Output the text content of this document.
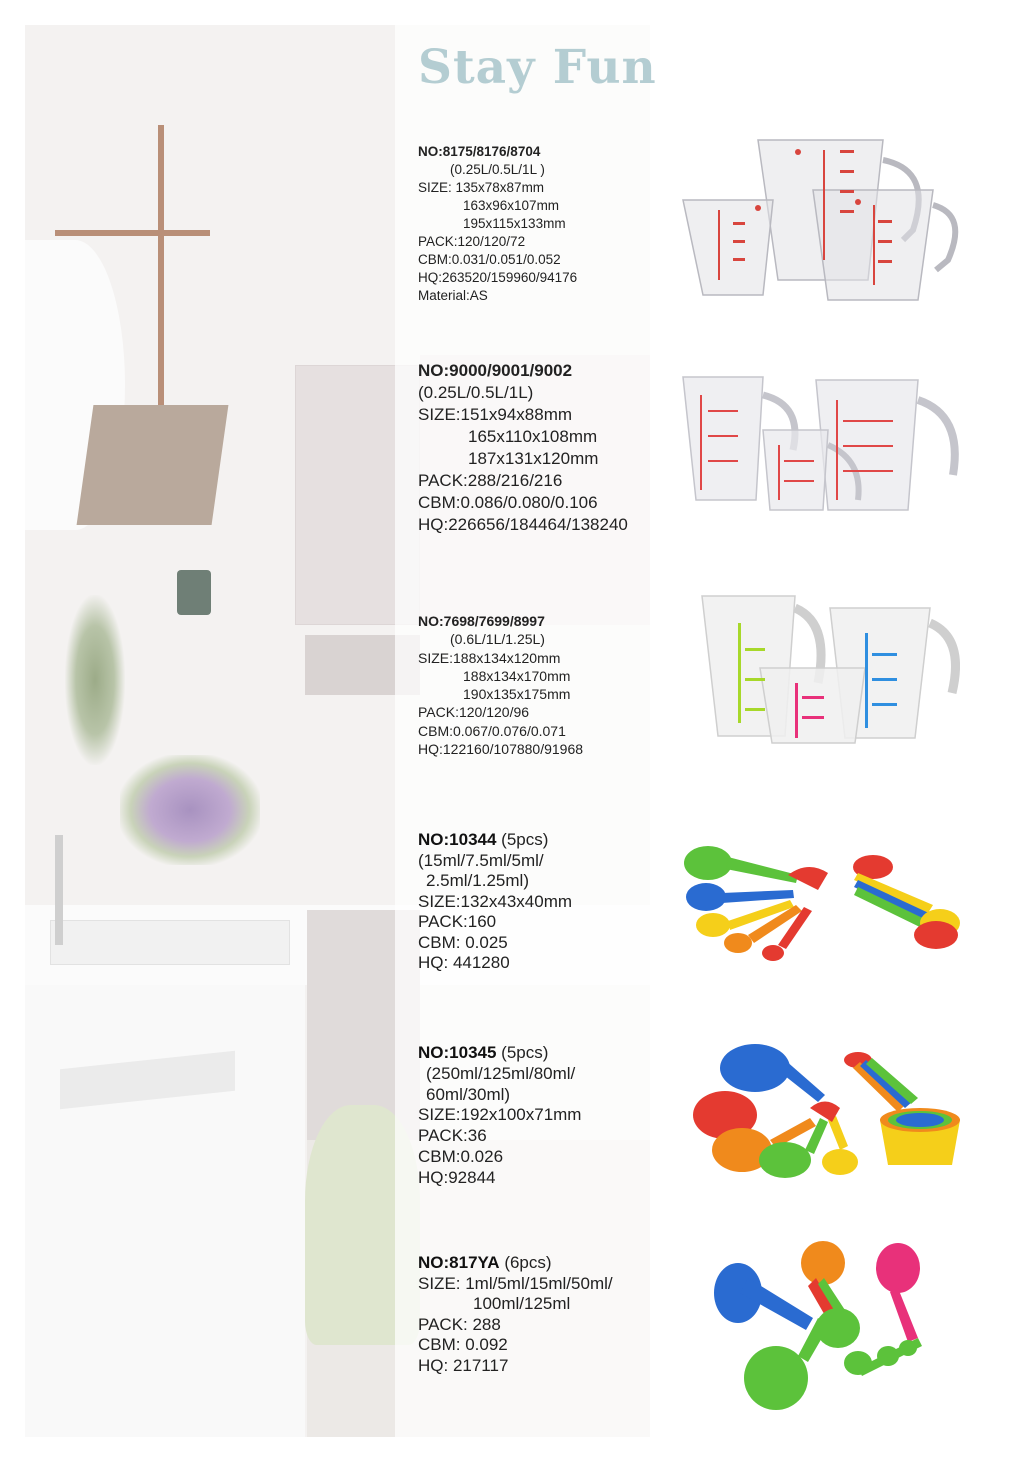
Stay Fun
NO:8175/8176/8704
(0.25L/0.5L/1L )
SIZE: 135x78x87mm
163x96x107mm
195x115x133mm
PACK:120/120/72
CBM:0.031/0.051/0.052
HQ:263520/159960/94176
Material:AS
NO:9000/9001/9002
(0.25L/0.5L/1L)
SIZE:151x94x88mm
165x110x108mm
187x131x120mm
PACK:288/216/216
CBM:0.086/0.080/0.106
HQ:226656/184464/138240
NO:7698/7699/8997
(0.6L/1L/1.25L)
SIZE:188x134x120mm
188x134x170mm
190x135x175mm
PACK:120/120/96
CBM:0.067/0.076/0.071
HQ:122160/107880/91968
NO:10344 (5pcs)
(15ml/7.5ml/5ml/
2.5ml/1.25ml)
SIZE:132x43x40mm
PACK:160
CBM: 0.025
HQ: 441280
NO:10345 (5pcs)
(250ml/125ml/80ml/
60ml/30ml)
SIZE:192x100x71mm
PACK:36
CBM:0.026
HQ:92844
NO:817YA (6pcs)
SIZE: 1ml/5ml/15ml/50ml/
100ml/125ml
PACK: 288
CBM: 0.092
HQ: 217117
